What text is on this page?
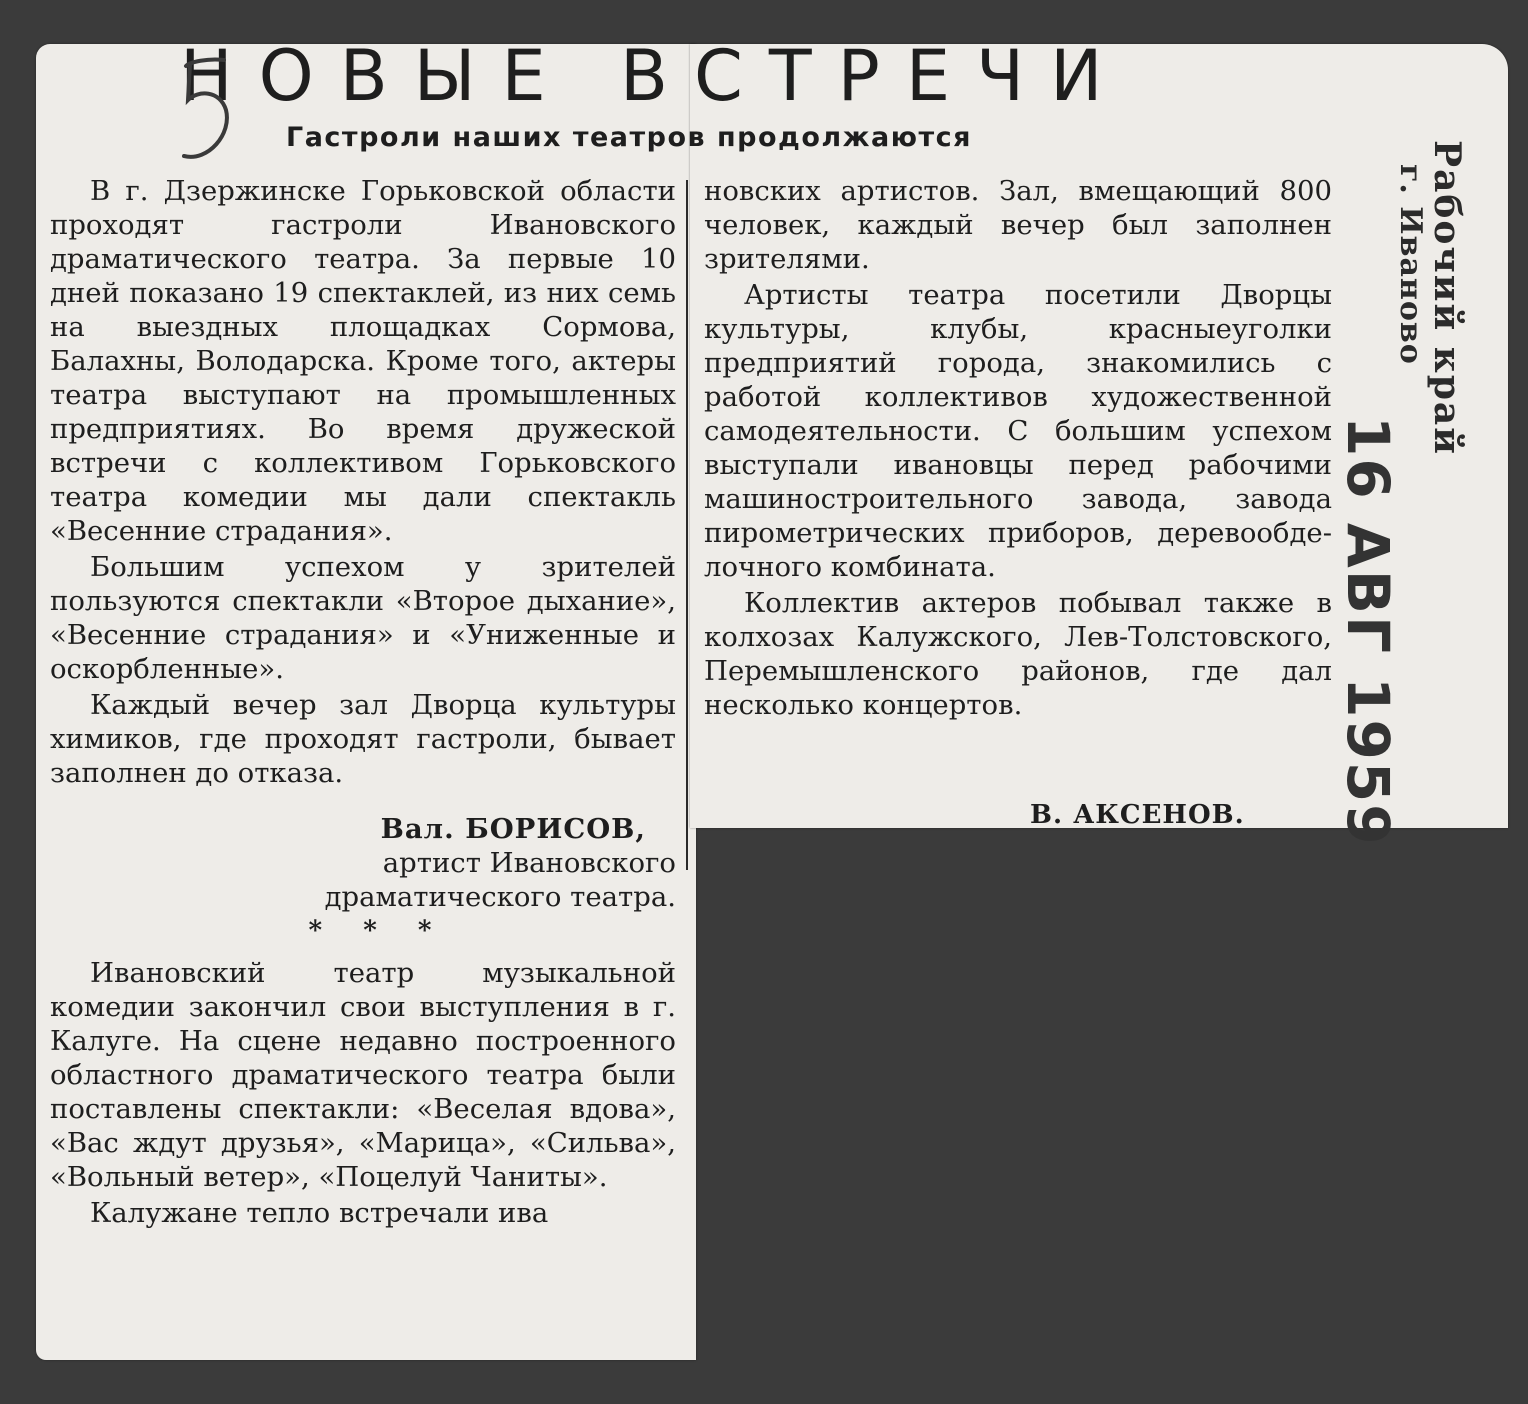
НОВЫЕ ВСТРЕЧИ
Гастроли наших театров продолжаются

В г. Дзержинске Горьковской области проходят гастроли Ивановского драматического театра. За первые 10 дней показано 19 спектаклей, из них семь на выездных площадках Сормова, Балахны, Володарска. Кроме того, актеры театра выступают на промышленных предприятиях. Во время дружеской встречи с коллективом Горьковского театра комедии мы дали спектакль «Весенние страдания».

Большим успехом у зрителей пользуются спектакли «Второе дыхание», «Весенние страдания» и «Униженные и оскорбленные».

Каждый вечер зал Дворца культуры химиков, где проходят гастроли, бывает заполнен до отказа.

Вал. БОРИСОВ,

артист Ивановского

драматического театра.

* * *

Ивановский театр музыкальной комедии закончил свои выступления в г. Калуге. На сцене недавно построенного областного драматического театра были поставлены спектакли: «Веселая вдова», «Вас ждут друзья», «Марица», «Сильва», «Вольный ветер», «Поцелуй Чаниты».

Калужане тепло встречали ива

новских артистов. Зал, вмещающий 800 человек, каждый вечер был заполнен зрителями.

Артисты театра посетили Дворцы культуры, клубы, красныеуголки предприятий города, знакомились с работой коллективов художественной самодеятельности. С большим успехом выступали ивановцы перед рабочими машиностроительного завода, завода пирометрических приборов, деревообделочного комбината.

Коллектив актеров побывал также в колхозах Калужского, Лев-Толстовского, Перемышленского районов, где дал несколько концертов.

В. АКСЕНОВ.
Рабочий край
г. Иваново
16 АВГ 1959
